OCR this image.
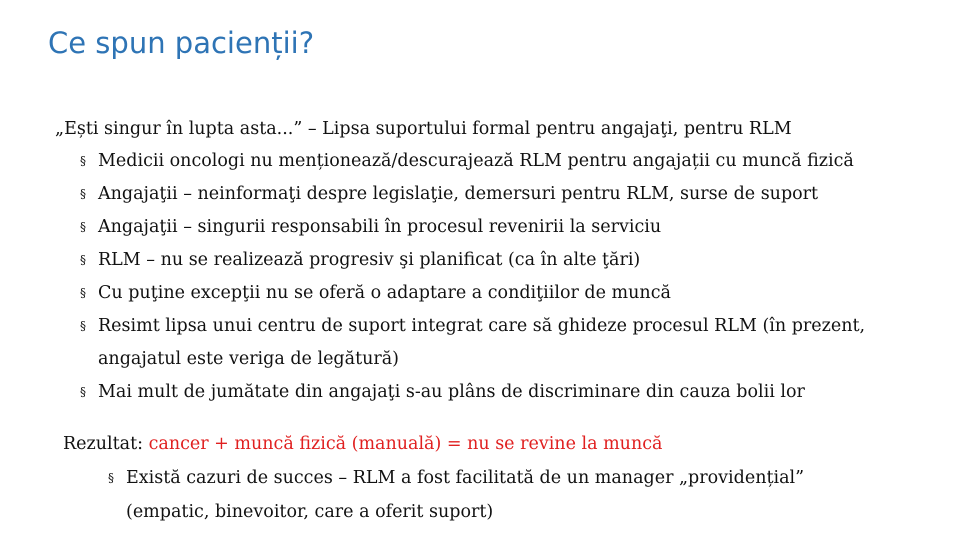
Ce spun pacienții?
„Ești singur în lupta asta...” – Lipsa suportului formal pentru angajaţi, pentru RLM
§ Medicii oncologi nu menționează/descurajează RLM pentru angajații cu muncă fizică
§ Angajaţii – neinformaţi despre legislaţie, demersuri pentru RLM, surse de suport
§ Angajaţii – singurii responsabili în procesul revenirii la serviciu
§ RLM – nu se realizează progresiv şi planificat (ca în alte ţări)
§ Cu puţine excepţii nu se oferă o adaptare a condiţiilor de muncă
§ Resimt lipsa unui centru de suport integrat care să ghideze procesul RLM (în prezent,
angajatul este veriga de legătură)
§ Mai mult de jumătate din angajaţi s-au plâns de discriminare din cauza bolii lor
Rezultat: cancer + muncă fizică (manuală) = nu se revine la muncă
§ Există cazuri de succes – RLM a fost facilitată de un manager „providențial”
(empatic, binevoitor, care a oferit suport)
